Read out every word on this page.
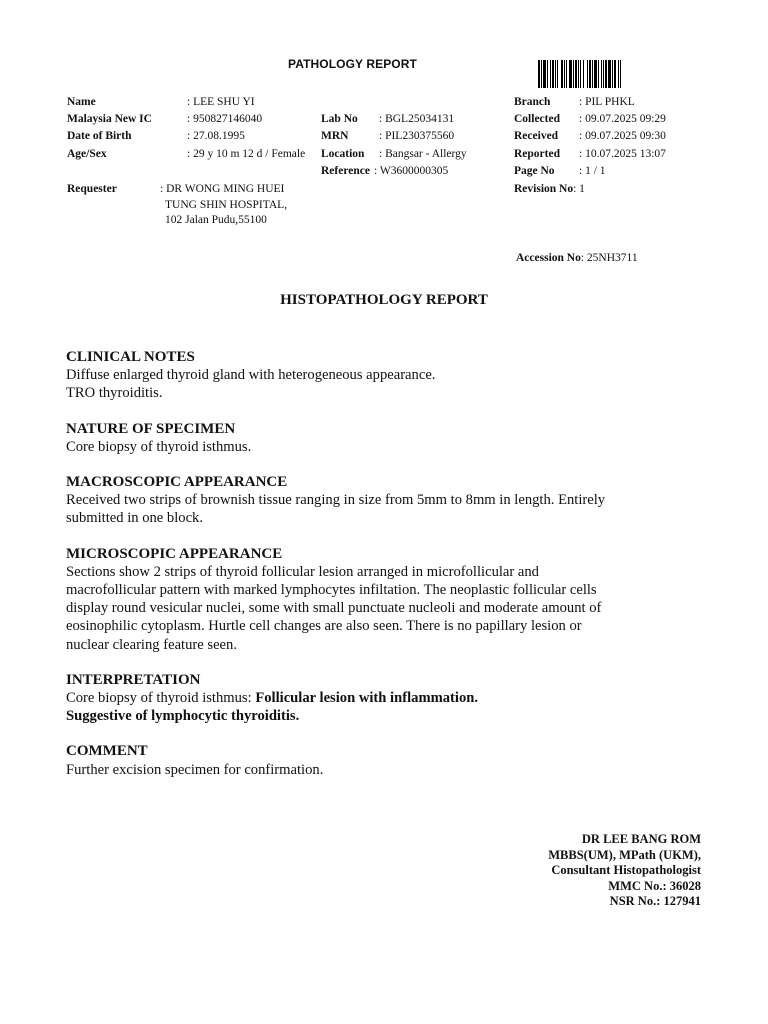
PATHOLOGY REPORT
Name	: LEE SHU YI
Malaysia New IC	: 950827146040
Date of Birth	: 27.08.1995
Age/Sex	: 29 y 10 m 12 d / Female
Requester	: DR WONG MING HUEI
TUNG SHIN HOSPITAL,
102 Jalan Pudu,55100
Lab No : BGL25034131
MRN	: PIL230375560
Location : Bangsar - Allergy
Reference : W3600000305
Branch : PIL PHKL
Collected : 09.07.2025 09:29
Received : 09.07.2025 09:30
Reported : 10.07.2025 13:07
Page No : 1 / 1
Revision No: 1
Accession No: 25NH3711
HISTOPATHOLOGY REPORT

CLINICAL NOTES

Diffuse enlarged thyroid gland with heterogeneous appearance.

TRO thyroiditis.

NATURE OF SPECIMEN

Core biopsy of thyroid isthmus.

MACROSCOPIC APPEARANCE

Received two strips of brownish tissue ranging in size from 5mm to 8mm in length. Entirely

submitted in one block.

MICROSCOPIC APPEARANCE

Sections show 2 strips of thyroid follicular lesion arranged in microfollicular and

macrofollicular pattern with marked lymphocytes infiltation. The neoplastic follicular cells

display round vesicular nuclei, some with small punctuate nucleoli and moderate amount of

eosinophilic cytoplasm. Hurtle cell changes are also seen. There is no papillary lesion or

nuclear clearing feature seen.

INTERPRETATION

Core biopsy of thyroid isthmus: Follicular lesion with inflammation.

Suggestive of lymphocytic thyroiditis.

COMMENT

Further excision specimen for confirmation.

DR LEE BANG ROM
MBBS(UM), MPath (UKM),
Consultant Histopathologist
MMC No.: 36028
NSR No.: 127941
